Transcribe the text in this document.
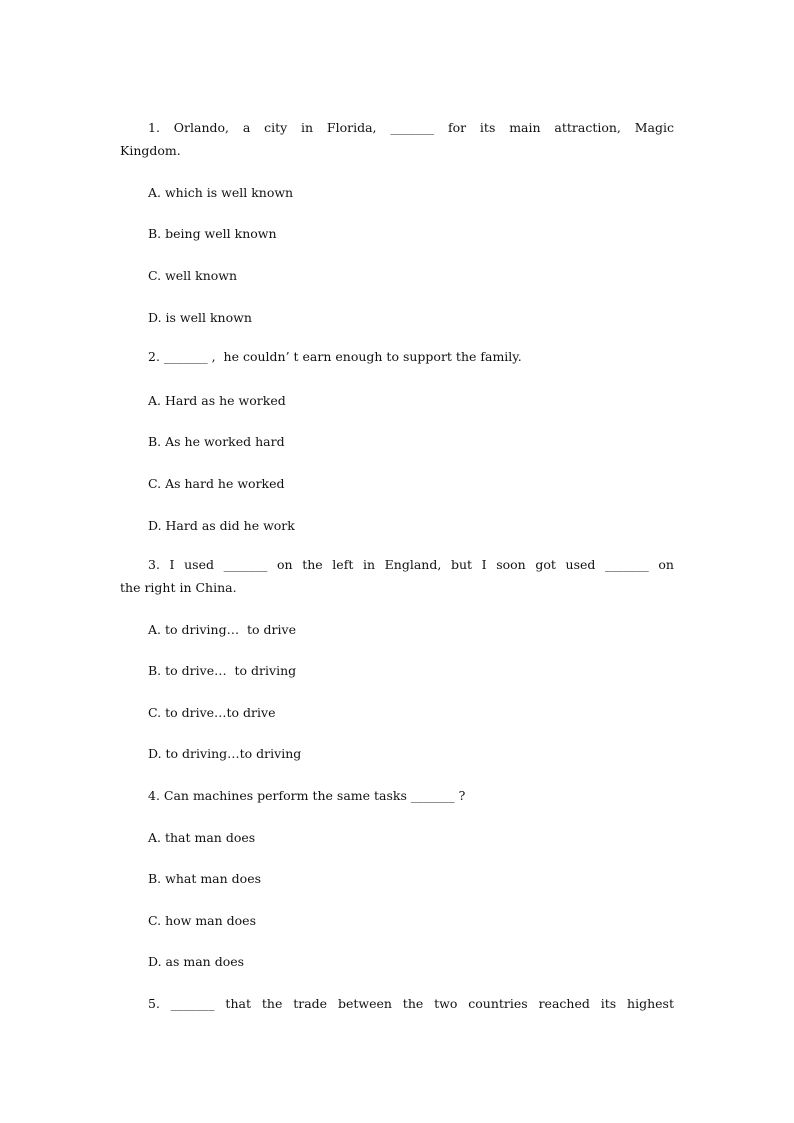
1. Orlando, a city in Florida, _______ for its main attraction, Magic
Kingdom.
A. which is well known
B. being well known
C. well known
D. is well known
2. _______ ,  he couldn’ t earn enough to support the family.
A. Hard as he worked
B. As he worked hard
C. As hard he worked
D. Hard as did he work
3. I used _______ on the left in England, but I soon got used _______ on
the right in China.
A. to driving…  to drive
B. to drive…  to driving
C. to drive…to drive
D. to driving…to driving
4. Can machines perform the same tasks _______ ?
A. that man does
B. what man does
C. how man does
D. as man does
5. _______ that the trade between the two countries reached its highest
